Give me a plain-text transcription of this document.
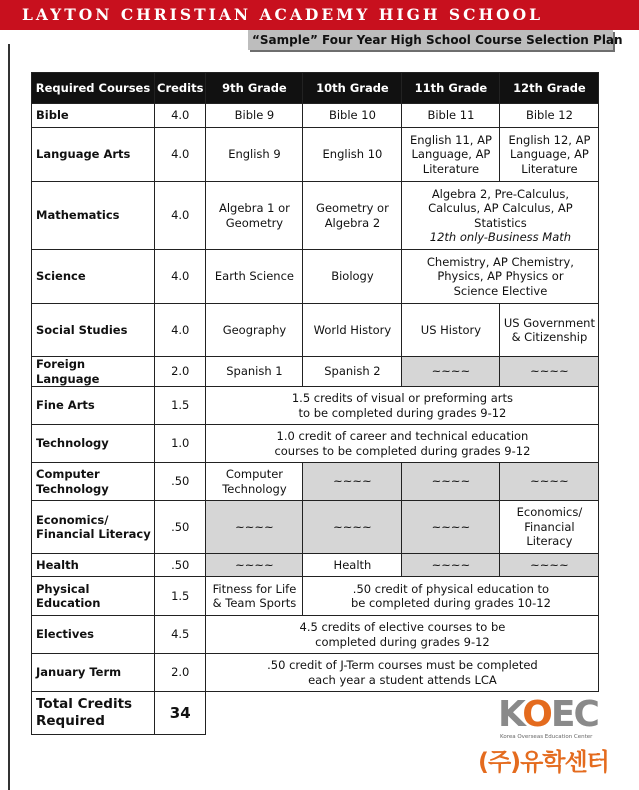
LAYTON CHRISTIAN ACADEMY HIGH SCHOOL
“Sample” Four Year High School Course Selection Plan
Required Courses	Credits	9th Grade	10th Grade	11th Grade	12th Grade
Bible	4.0	Bible 9	Bible 10	Bible 11	Bible 12
Language Arts	4.0	English 9	English 10	English 11, AP Language, AP Literature	English 12, AP Language, AP Literature
Mathematics	4.0	Algebra 1 or Geometry	Geometry or Algebra 2	Algebra 2, Pre-Calculus, Calculus, AP Calculus, AP Statistics
12th only-Business Math	

Science	4.0	Earth Science	Biology	Chemistry, AP Chemistry, Physics, AP Physics or Science Elective	

Social Studies	4.0	Geography	World History	US History	US Government & Citizenship
Foreign Language	2.0	Spanish 1	Spanish 2	~~~~	~~~~
Fine Arts	1.5	1.5 credits of visual or preforming arts
to be completed during grades 9-12			

Technology	1.0	1.0 credit of career and technical education
courses to be completed during grades 9-12			

Computer Technology	.50	Computer Technology	~~~~	~~~~	~~~~
Economics/ Financial Literacy	.50	~~~~	~~~~	~~~~	Economics/ Financial Literacy
Health	.50	~~~~	Health	~~~~	~~~~
Physical Education	1.5	Fitness for Life & Team Sports	.50 credit of physical education to
be completed during grades 10-12		

Electives	4.5	4.5 credits of elective courses to be
completed during grades 9-12			

January Term	2.0	.50 credit of J-Term courses must be completed
each year a student attends LCA			

Total Credits
Required	34					KOEC
Korea Overseas Education Center
(주)유학센터
